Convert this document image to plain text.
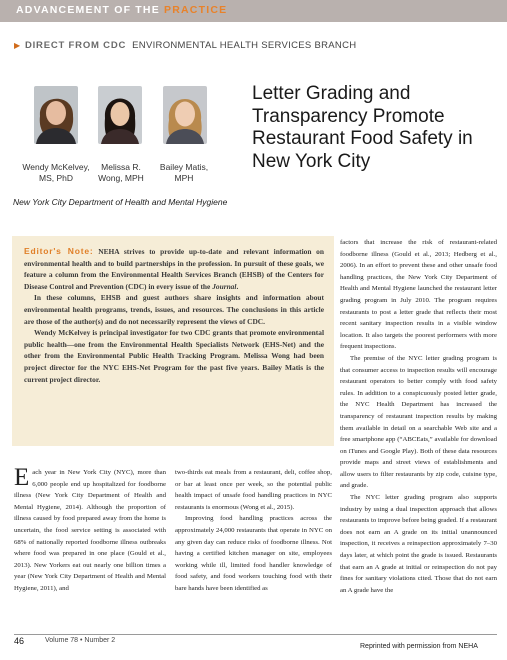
ADVANCEMENT OF THE PRACTICE
▶ DIRECT FROM CDC ENVIRONMENTAL HEALTH SERVICES BRANCH
Wendy McKelvey, MS, PhD
Melissa R. Wong, MPH
Bailey Matis, MPH
New York City Department of Health and Mental Hygiene
Letter Grading and Transparency Promote Restaurant Food Safety in New York City

Editor's Note: NEHA strives to provide up-to-date and relevant information on environmental health and to build partnerships in the profession. In pursuit of these goals, we feature a column from the Environmental Health Services Branch (EHSB) of the Centers for Disease Control and Prevention (CDC) in every issue of the Journal.

In these columns, EHSB and guest authors share insights and information about environmental health programs, trends, issues, and resources. The conclusions in this article are those of the author(s) and do not necessarily represent the views of CDC.

Wendy McKelvey is principal investigator for two CDC grants that promote environmental public health—one from the Environmental Health Specialists Network (EHS-Net) and the other from the Environmental Public Health Tracking Program. Melissa Wong had been project director for the NYC EHS-Net Program for the past five years. Bailey Matis is the current project director.

Each year in New York City (NYC), more than 6,000 people end up hospitalized for foodborne illness (New York City Department of Health and Mental Hygiene, 2014). Although the proportion of illness caused by food prepared away from the home is uncertain, the food service setting is associated with 68% of nationally reported foodborne illness outbreaks where food was prepared in one place (Gould et al., 2013). New Yorkers eat out nearly one billion times a year (New York City Department of Health and Mental Hygiene, 2011), and

two-thirds eat meals from a restaurant, deli, coffee shop, or bar at least once per week, so the potential public health impact of unsafe food handling practices in NYC restaurants is enormous (Wong et al., 2015).

Improving food handling practices across the approximately 24,000 restaurants that operate in NYC on any given day can reduce risks of foodborne illness. Not having a certified kitchen manager on site, employees working while ill, limited food handler knowledge of food safety, and food workers touching food with their bare hands have been identified as

factors that increase the risk of restaurant-related foodborne illness (Gould et al., 2013; Hedberg et al., 2006). In an effort to prevent these and other unsafe food handling practices, the New York City Department of Health and Mental Hygiene launched the restaurant letter grading program in July 2010. The program requires restaurants to post a letter grade that reflects their most recent sanitary inspection results in a visible window location. It also targets the poorest performers with more frequent inspections.

The premise of the NYC letter grading program is that consumer access to inspection results will encourage restaurant operators to better comply with food safety rules. In addition to a conspicuously posted letter grade, the NYC Health Department has increased the transparency of restaurant inspection results by making them available in detail on a searchable Web site and a free smartphone app (“ABCEats,” available for download on iTunes and Google Play). Both of these data resources provide maps and street views of establishments and allow users to filter restaurants by zip code, cuisine type, and grade.

The NYC letter grading program also supports industry by using a dual inspection approach that allows restaurants to improve before being graded. If a restaurant does not earn an A grade on its initial unannounced inspection, it receives a reinspection approximately 7–30 days later, at which point the grade is issued. Restaurants that earn an A grade at initial or reinspection do not pay fines for sanitary violations cited. Those that do not earn an A grade have the

46	Volume 78 • Number 2
Reprinted with permission from NEHA
